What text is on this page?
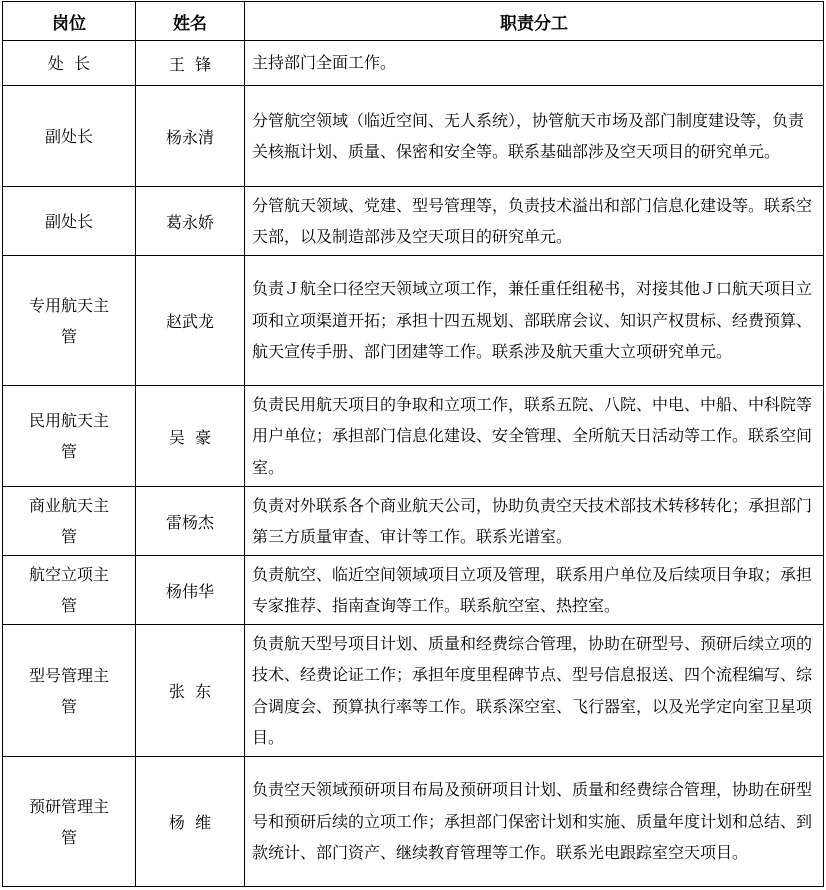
岗位	姓名	职责分工
处  长	王  锋	主持部门全面工作。
副处长	杨永清	分管航空领域（临近空间、无人系统），协管航天市场及部门制度建设等，负责关核瓶计划、质量、保密和安全等。联系基础部涉及空天项目的研究单元。
副处长	葛永娇	分管航天领域、党建、型号管理等，负责技术溢出和部门信息化建设等。联系空天部，以及制造部涉及空天项目的研究单元。
专用航天主管	赵武龙	负责Ｊ航全口径空天领域立项工作，兼任重任组秘书，对接其他Ｊ口航天项目立项和立项渠道开拓；承担十四五规划、部联席会议、知识产权贯标、经费预算、航天宣传手册、部门团建等工作。联系涉及航天重大立项研究单元。
民用航天主管	吴  豪	负责民用航天项目的争取和立项工作，联系五院、八院、中电、中船、中科院等用户单位；承担部门信息化建设、安全管理、全所航天日活动等工作。联系空间室。
商业航天主管	雷杨杰	负责对外联系各个商业航天公司，协助负责空天技术部技术转移转化；承担部门第三方质量审查、审计等工作。联系光谱室。
航空立项主管	杨伟华	负责航空、临近空间领域项目立项及管理，联系用户单位及后续项目争取；承担专家推荐、指南查询等工作。联系航空室、热控室。
型号管理主管	张  东	负责航天型号项目计划、质量和经费综合管理，协助在研型号、预研后续立项的技术、经费论证工作；承担年度里程碑节点、型号信息报送、四个流程编写、综合调度会、预算执行率等工作。联系深空室、飞行器室，以及光学定向室卫星项目。
预研管理主管	杨  维	负责空天领域预研项目布局及预研项目计划、质量和经费综合管理，协助在研型号和预研后续的立项工作；承担部门保密计划和实施、质量年度计划和总结、到款统计、部门资产、继续教育管理等工作。联系光电跟踪室空天项目。
